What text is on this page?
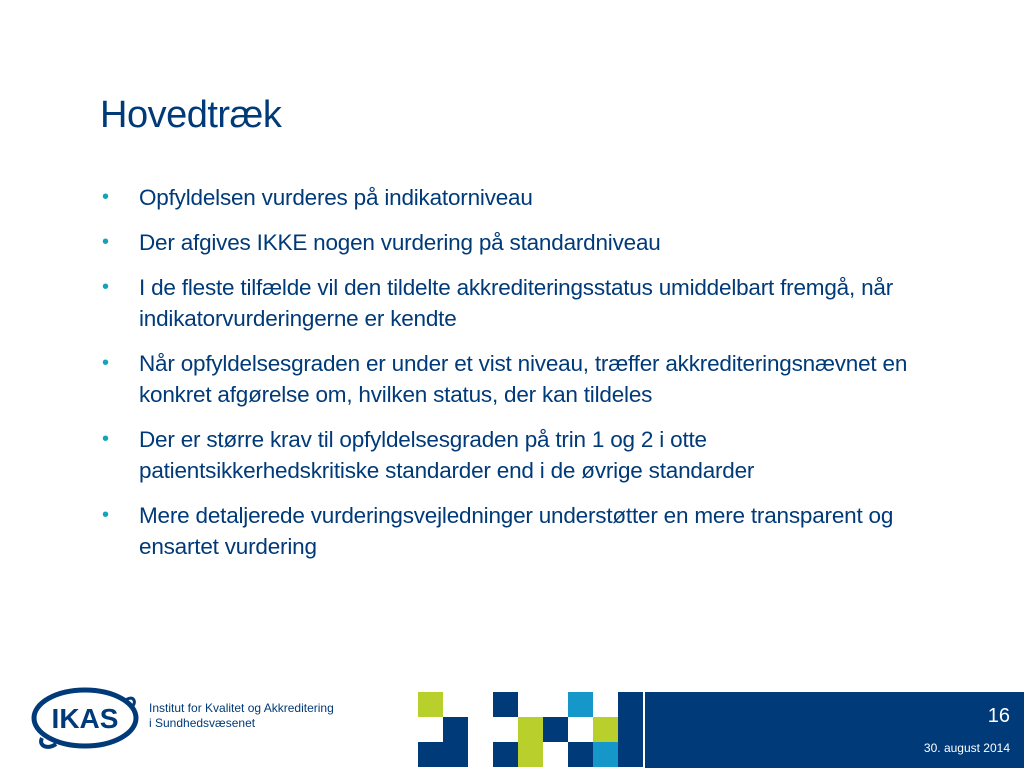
Hovedtræk
• Opfyldelsen vurderes på indikatorniveau
• Der afgives IKKE nogen vurdering på standardniveau
• I de fleste tilfælde vil den tildelte akkrediteringsstatus umiddelbart fremgå, når indikatorvurderingerne er kendte
• Når opfyldelsesgraden er under et vist niveau, træffer akkrediteringsnævnet en konkret afgørelse om, hvilken status, der kan tildeles
• Der er større krav til opfyldelsesgraden på trin 1 og 2 i otte patientsikkerhedskritiske standarder end i de øvrige standarder
• Mere detaljerede vurderingsvejledninger understøtter en mere transparent og ensartet vurdering
IKAS	Institut for Kvalitet og Akkreditering
i Sundhedsvæsenet	16
30. august 2014
